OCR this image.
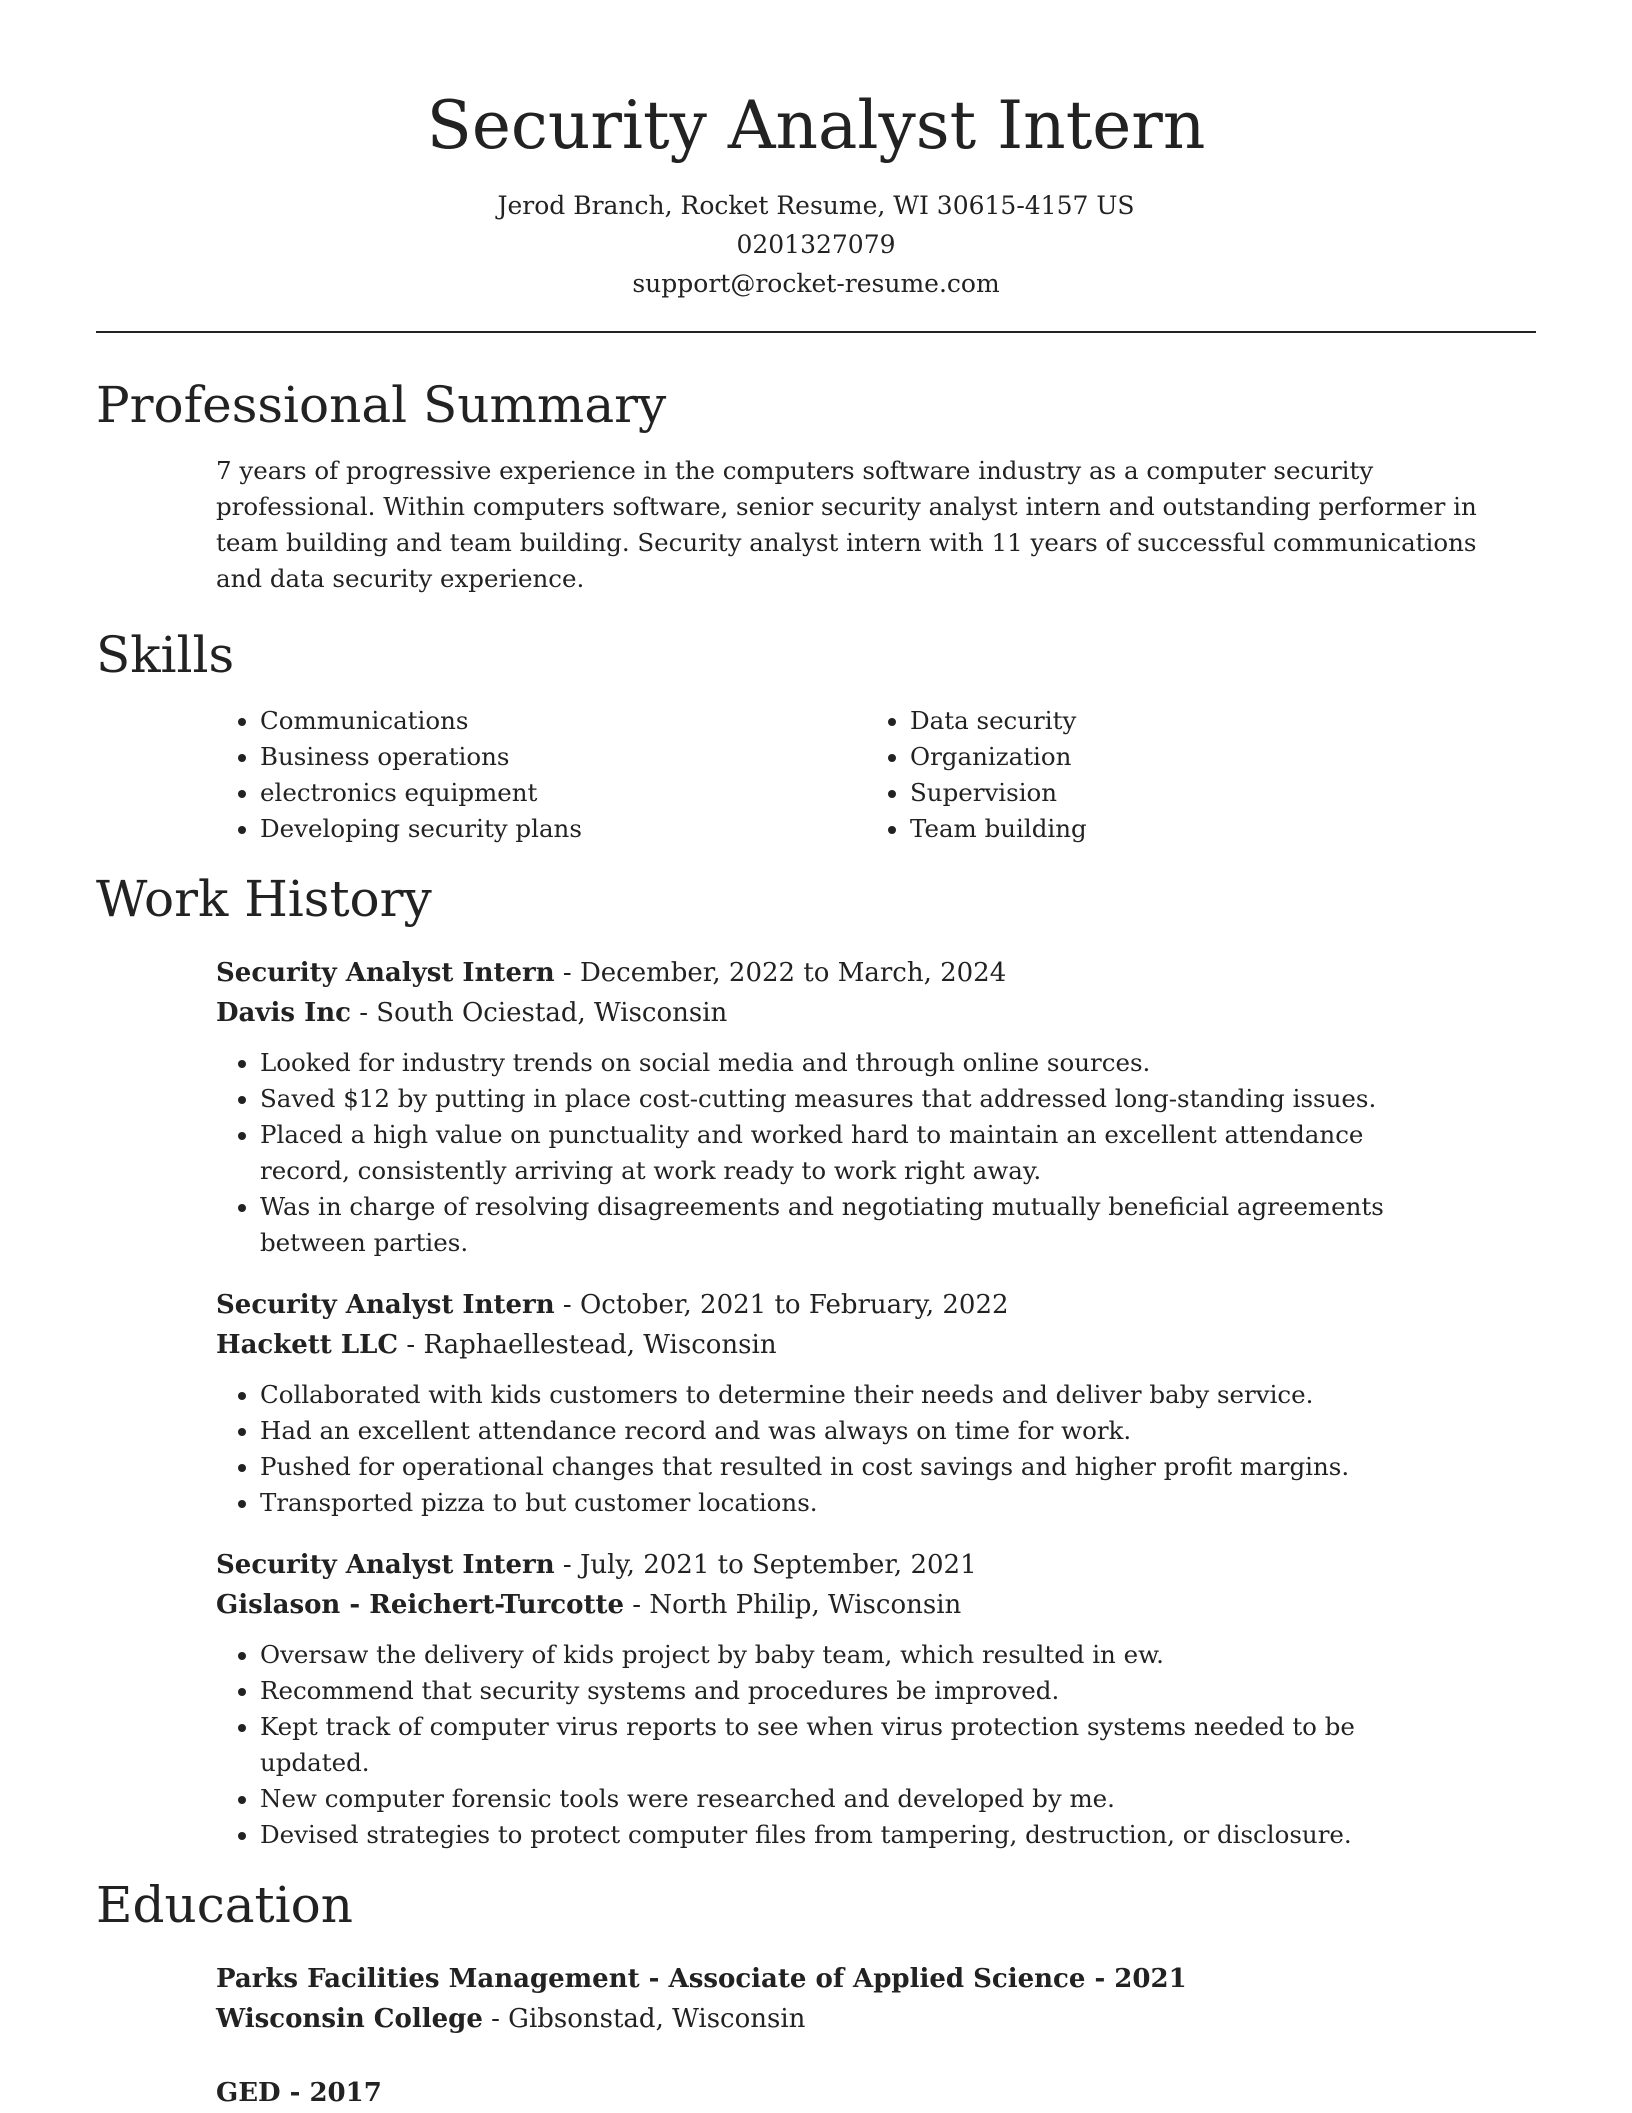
Security Analyst Intern
Jerod Branch, Rocket Resume, WI 30615-4157 US
0201327079
support@rocket-resume.com
Professional Summary
7 years of progressive experience in the computers software industry as a computer security professional. Within computers software, senior security analyst intern and outstanding performer in team building and team building. Security analyst intern with 11 years of successful communications and data security experience.
Skills
• Communications
• Business operations
• electronics equipment
• Developing security plans
• Data security
• Organization
• Supervision
• Team building
Work History
Security Analyst Intern - December, 2022 to March, 2024
Davis Inc - South Ociestad, Wisconsin
• Looked for industry trends on social media and through online sources.
• Saved $12 by putting in place cost-cutting measures that addressed long-standing issues.
• Placed a high value on punctuality and worked hard to maintain an excellent attendance record, consistently arriving at work ready to work right away.
• Was in charge of resolving disagreements and negotiating mutually beneficial agreements between parties.
Security Analyst Intern - October, 2021 to February, 2022
Hackett LLC - Raphaellestead, Wisconsin
• Collaborated with kids customers to determine their needs and deliver baby service.
• Had an excellent attendance record and was always on time for work.
• Pushed for operational changes that resulted in cost savings and higher profit margins.
• Transported pizza to but customer locations.
Security Analyst Intern - July, 2021 to September, 2021
Gislason - Reichert-Turcotte - North Philip, Wisconsin
• Oversaw the delivery of kids project by baby team, which resulted in ew.
• Recommend that security systems and procedures be improved.
• Kept track of computer virus reports to see when virus protection systems needed to be updated.
• New computer forensic tools were researched and developed by me.
• Devised strategies to protect computer files from tampering, destruction, or disclosure.
Education
Parks Facilities Management - Associate of Applied Science - 2021
Wisconsin College - Gibsonstad, Wisconsin
GED - 2017
